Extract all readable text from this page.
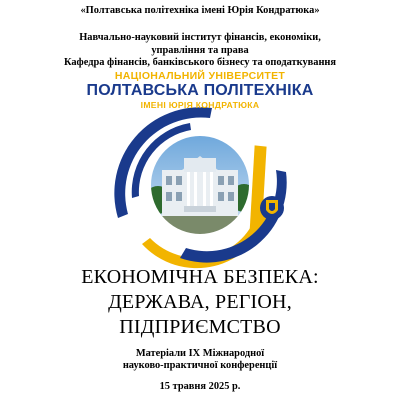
«Полтавська політехніка імені Юрія Кондратюка»
Навчально-науковий інститут фінансів, економіки,
управління та права
Кафедра фінансів, банківського бізнесу та оподаткування
НАЦІОНАЛЬНИЙ УНІВЕРСИТЕТ
ПОЛТАВСЬКА ПОЛІТЕХНІКА
ІМЕНІ ЮРІЯ КОНДРАТЮКА
ЕКОНОМІЧНА БЕЗПЕКА:
ДЕРЖАВА, РЕГІОН,
ПІДПРИЄМСТВО
Матеріали IX Міжнародної
науково-практичної конференції
15 травня 2025 р.
